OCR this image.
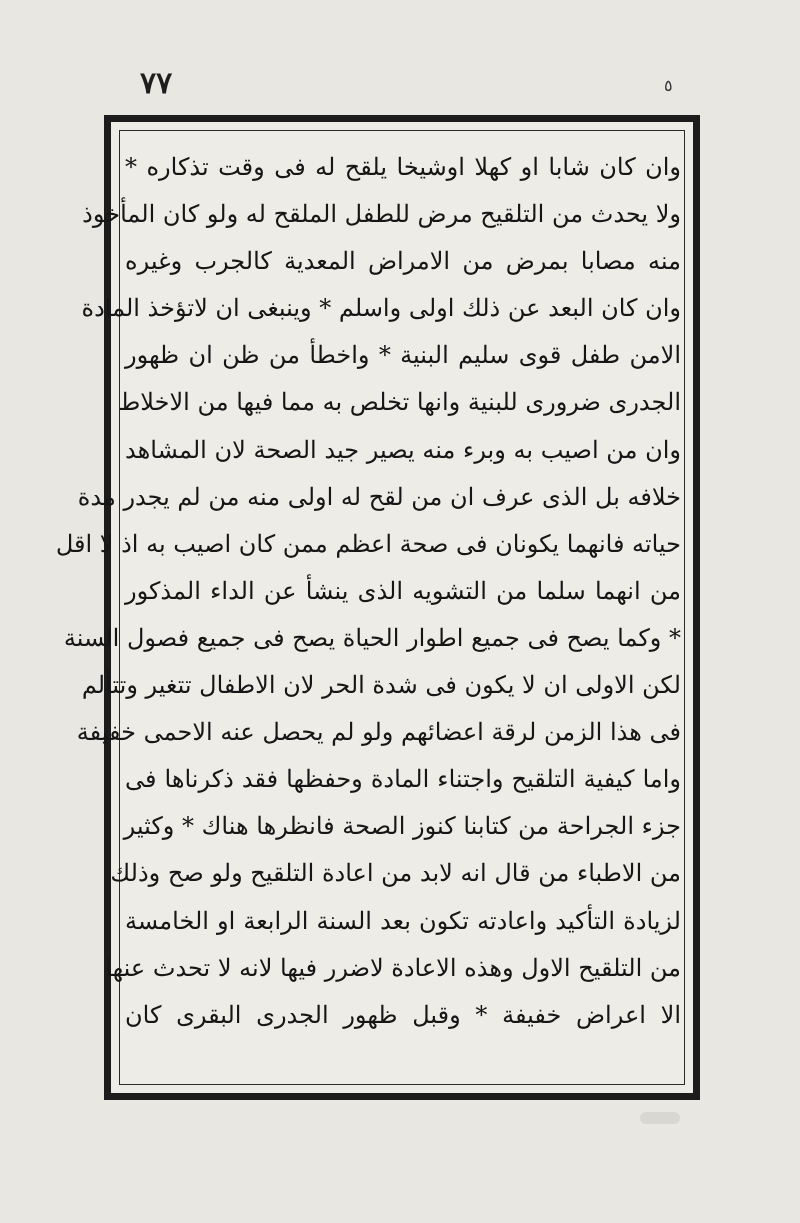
٧٧	٥
وان كان شابا او كهلا اوشيخا يلقح له فى وقت تذكاره *
ولا يحدث من التلقيح مرض للطفل الملقح له ولو كان المأخوذ
منه مصابا بمرض من الامراض المعدية كالجرب وغيره
وان كان البعد عن ذلك اولى واسلم * وينبغى ان لاتؤخذ المادة
الامن طفل قوى سليم البنية * واخطأ من ظن ان ظهور
الجدرى ضرورى للبنية وانها تخلص به مما فيها من الاخلاط
وان من اصيب به وبرء منه يصير جيد الصحة لان المشاهد
خلافه بل الذى عرف ان من لقح له اولى منه من لم يجدر مدة
حياته فانهما يكونان فى صحة اعظم ممن كان اصيب به اذ لا اقل
من انهما سلما من التشويه الذى ينشأ عن الداء المذكور
* وكما يصح فى جميع اطوار الحياة يصح فى جميع فصول السنة
لكن الاولى ان لا يكون فى شدة الحر لان الاطفال تتغير وتتألم
فى هذا الزمن لرقة اعضائهم ولو لم يحصل عنه الاحمى خفيفة
واما كيفية التلقيح واجتناء المادة وحفظها فقد ذكرناها فى
جزء الجراحة من كتابنا كنوز الصحة فانظرها هناك * وكثير
من الاطباء من قال انه لابد من اعادة التلقيح ولو صح وذلك
لزيادة التأكيد واعادته تكون بعد السنة الرابعة او الخامسة
من التلقيح الاول وهذه الاعادة لاضرر فيها لانه لا تحدث عنها
الا اعراض خفيفة * وقبل ظهور الجدرى البقرى كان
